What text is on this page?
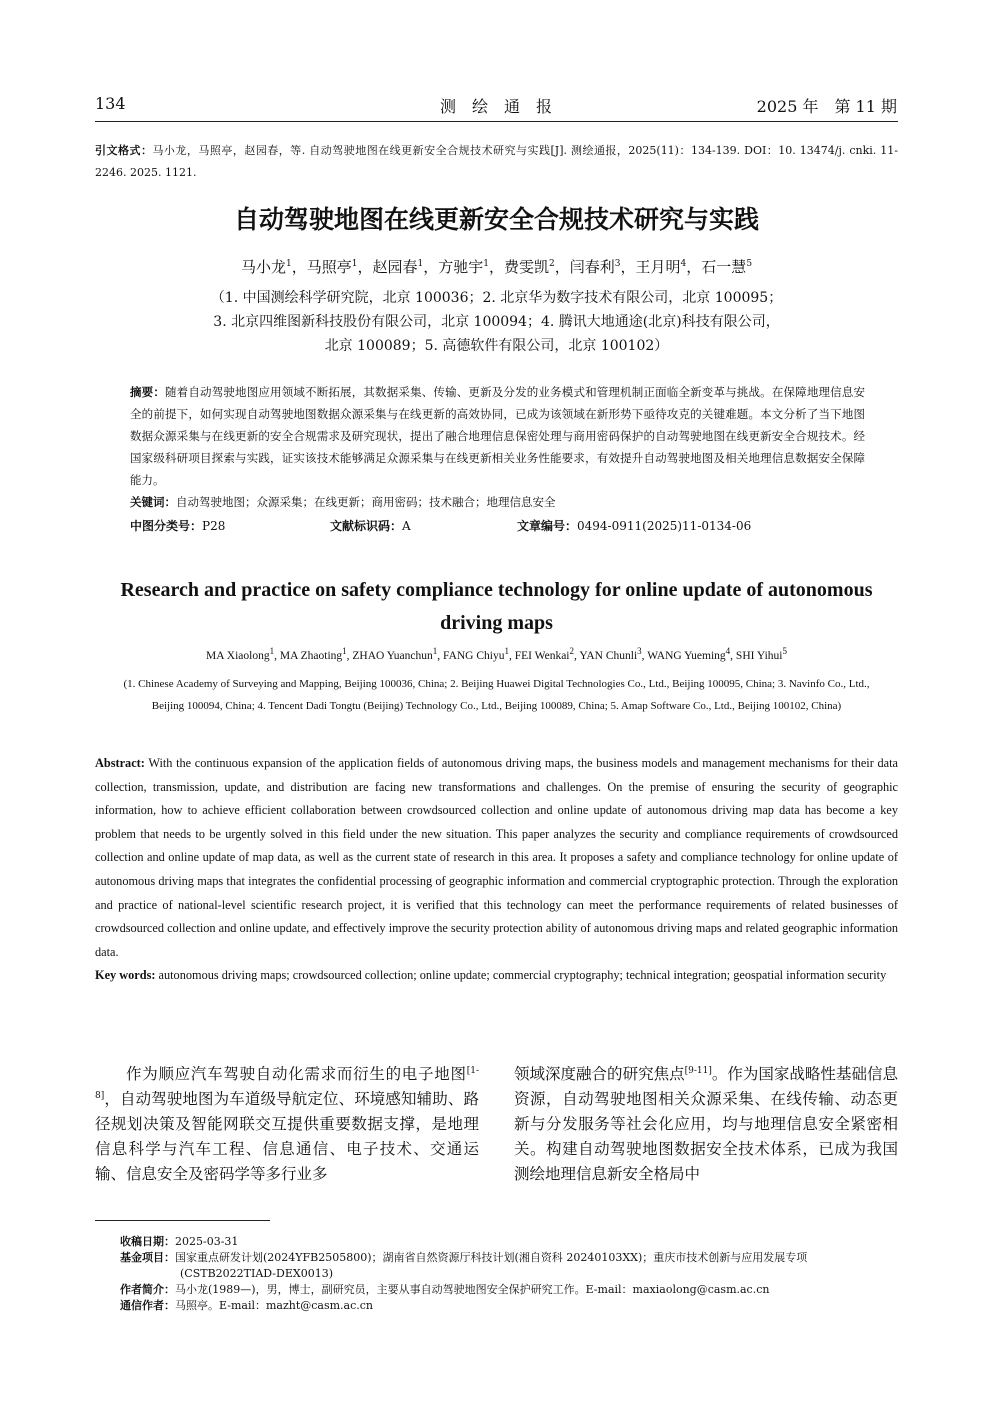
134	测　绘　通　报	2025 年　第 11 期
引文格式：马小龙，马照亭，赵园春，等. 自动驾驶地图在线更新安全合规技术研究与实践[J]. 测绘通报，2025(11)：134-139. DOI：10. 13474/j. cnki. 11-2246. 2025. 1121.
自动驾驶地图在线更新安全合规技术研究与实践
马小龙$^1$，马照亭$^1$，赵园春$^1$，方驰宇$^1$，费雯凯$^2$，闫春利$^3$，王月明$^4$，石一慧$^5$
（1. 中国测绘科学研究院，北京 100036；2. 北京华为数字技术有限公司，北京 100095；
3. 北京四维图新科技股份有限公司，北京 100094；4. 腾讯大地通途(北京)科技有限公司，
北京 100089；5. 高德软件有限公司，北京 100102）
摘要：随着自动驾驶地图应用领域不断拓展，其数据采集、传输、更新及分发的业务模式和管理机制正面临全新变革与挑战。在保障地理信息安全的前提下，如何实现自动驾驶地图数据众源采集与在线更新的高效协同，已成为该领域在新形势下亟待攻克的关键难题。本文分析了当下地图数据众源采集与在线更新的安全合规需求及研究现状，提出了融合地理信息保密处理与商用密码保护的自动驾驶地图在线更新安全合规技术。经国家级科研项目探索与实践，证实该技术能够满足众源采集与在线更新相关业务性能要求，有效提升自动驾驶地图及相关地理信息数据安全保障能力。
关键词：自动驾驶地图；众源采集；在线更新；商用密码；技术融合；地理信息安全
中图分类号：P28	文献标识码：A	文章编号：0494-0911(2025)11-0134-06
Research and practice on safety compliance technology for online update of autonomous driving maps
MA Xiaolong$^1$, MA Zhaoting$^1$, ZHAO Yuanchun$^1$, FANG Chiyu$^1$, FEI Wenkai$^2$, YAN Chunli$^3$, WANG Yueming$^4$, SHI Yihui$^5$
(1. Chinese Academy of Surveying and Mapping, Beijing 100036, China; 2. Beijing Huawei Digital Technologies Co., Ltd., Beijing 100095, China; 3. Navinfo Co., Ltd., Beijing 100094, China; 4. Tencent Dadi Tongtu (Beijing) Technology Co., Ltd., Beijing 100089, China; 5. Amap Software Co., Ltd., Beijing 100102, China)
Abstract: With the continuous expansion of the application fields of autonomous driving maps, the business models and management mechanisms for their data collection, transmission, update, and distribution are facing new transformations and challenges. On the premise of ensuring the security of geographic information, how to achieve efficient collaboration between crowdsourced collection and online update of autonomous driving map data has become a key problem that needs to be urgently solved in this field under the new situation. This paper analyzes the security and compliance requirements of crowdsourced collection and online update of map data, as well as the current state of research in this area. It proposes a safety and compliance technology for online update of autonomous driving maps that integrates the confidential processing of geographic information and commercial cryptographic protection. Through the exploration and practice of national-level scientific research project, it is verified that this technology can meet the performance requirements of related businesses of crowdsourced collection and online update, and effectively improve the security protection ability of autonomous driving maps and related geographic information data.
Key words: autonomous driving maps; crowdsourced collection; online update; commercial cryptography; technical integration; geospatial information security
作为顺应汽车驾驶自动化需求而衍生的电子地图[1-8]，自动驾驶地图为车道级导航定位、环境感知辅助、路径规划决策及智能网联交互提供重要数据支撑，是地理信息科学与汽车工程、信息通信、电子技术、交通运输、信息安全及密码学等多行业多
领域深度融合的研究焦点[9-11]。作为国家战略性基础信息资源，自动驾驶地图相关众源采集、在线传输、动态更新与分发服务等社会化应用，均与地理信息安全紧密相关。构建自动驾驶地图数据安全技术体系，已成为我国测绘地理信息新安全格局中
收稿日期：2025-03-31
基金项目：国家重点研发计划(2024YFB2505800)；湖南省自然资源厅科技计划(湘自资科 20240103XX)；重庆市技术创新与应用发展专项(CSTB2022TIAD-DEX0013)
作者简介：马小龙(1989—)，男，博士，副研究员，主要从事自动驾驶地图安全保护研究工作。E-mail：maxiaolong@casm.ac.cn
通信作者：马照亭。E-mail：mazht@casm.ac.cn
